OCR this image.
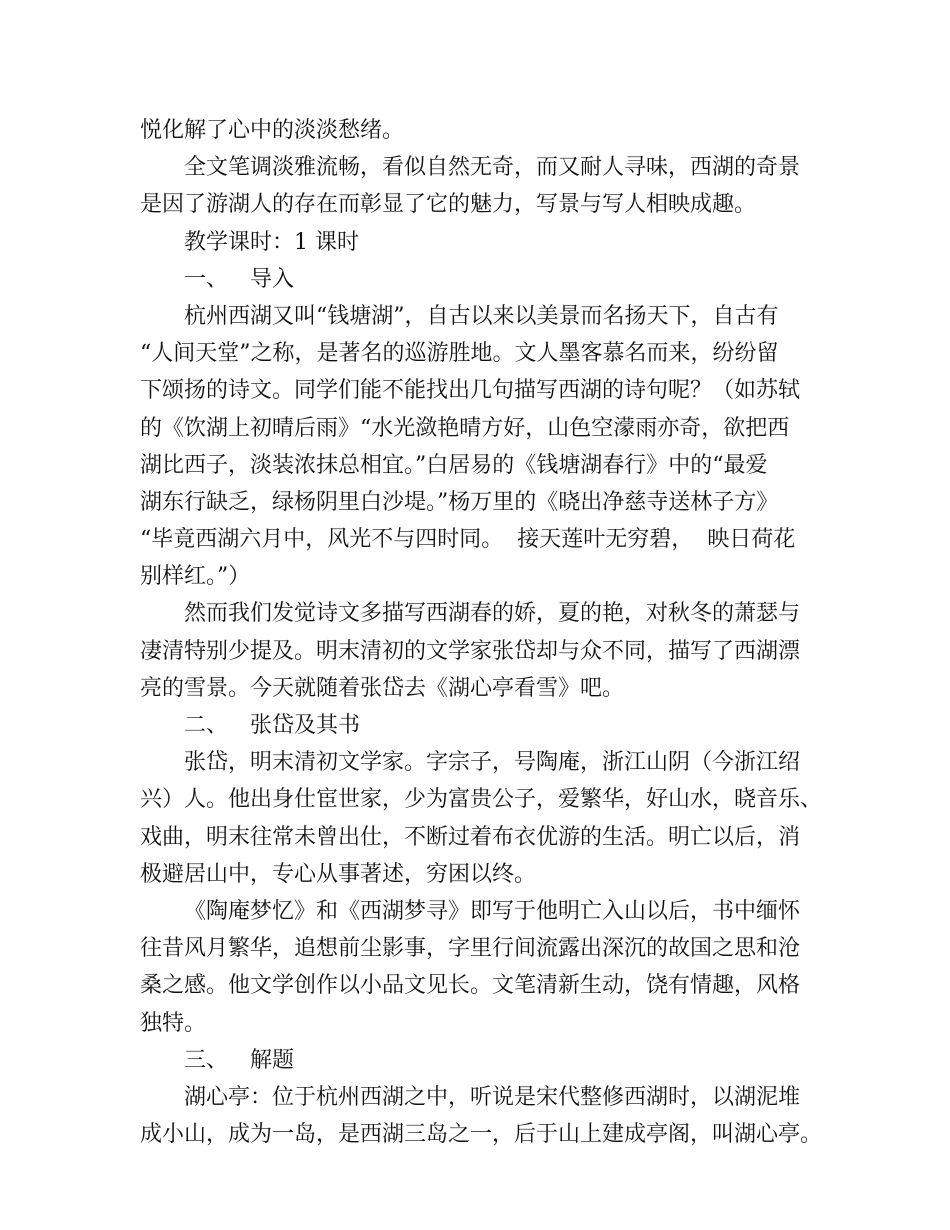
悦化解了心中的淡淡愁绪。
全文笔调淡雅流畅，看似自然无奇，而又耐人寻味，西湖的奇景
是因了游湖人的存在而彰显了它的魅力，写景与写人相映成趣。
教学课时：1 课时
一、 导入
杭州西湖又叫“钱塘湖”，自古以来以美景而名扬天下，自古有
“人间天堂”之称，是著名的巡游胜地。文人墨客慕名而来，纷纷留
下颂扬的诗文。同学们能不能找出几句描写西湖的诗句呢？（如苏轼
的《饮湖上初晴后雨》“水光潋艳晴方好，山色空濛雨亦奇，欲把西
湖比西子，淡装浓抹总相宜。”白居易的《钱塘湖春行》中的“最爱
湖东行缺乏，绿杨阴里白沙堤。”杨万里的《晓出净慈寺送林子方》
“毕竟西湖六月中，风光不与四时同。  接天莲叶无穷碧，  映日荷花
别样红。”）
然而我们发觉诗文多描写西湖春的娇，夏的艳，对秋冬的萧瑟与
凄清特别少提及。明末清初的文学家张岱却与众不同，描写了西湖漂
亮的雪景。今天就随着张岱去《湖心亭看雪》吧。
二、 张岱及其书
张岱，明末清初文学家。字宗子，号陶庵，浙江山阴（今浙江绍
兴）人。他出身仕宦世家，少为富贵公子，爱繁华，好山水，晓音乐、
戏曲，明末往常未曾出仕，不断过着布衣优游的生活。明亡以后，消
极避居山中，专心从事著述，穷困以终。
《陶庵梦忆》和《西湖梦寻》即写于他明亡入山以后，书中缅怀
往昔风月繁华，追想前尘影事，字里行间流露出深沉的故国之思和沧
桑之感。他文学创作以小品文见长。文笔清新生动，饶有情趣，风格
独特。
三、 解题
湖心亭：位于杭州西湖之中，听说是宋代整修西湖时，以湖泥堆
成小山，成为一岛，是西湖三岛之一，后于山上建成亭阁，叫湖心亭。
